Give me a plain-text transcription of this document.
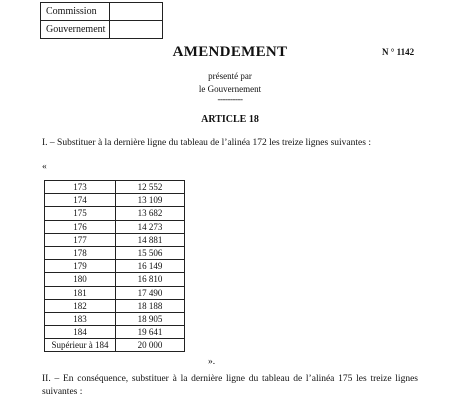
Commission	
Gouvernement	
AMENDEMENT	N ° 1142
présenté par
le Gouvernement
----------
ARTICLE 18
I. – Substituer à la dernière ligne du tableau de l’alinéa 172 les treize lignes suivantes :
«
173	12 552
174	13 109
175	13 682
176	14 273
177	14 881
178	15 506
179	16 149
180	16 810
181	17 490
182	18 188
183	18 905
184	19 641
Supérieur à 184	20 000
».
II. – En conséquence, substituer à la dernière ligne du tableau de l’alinéa 175 les treize lignes suivantes :
